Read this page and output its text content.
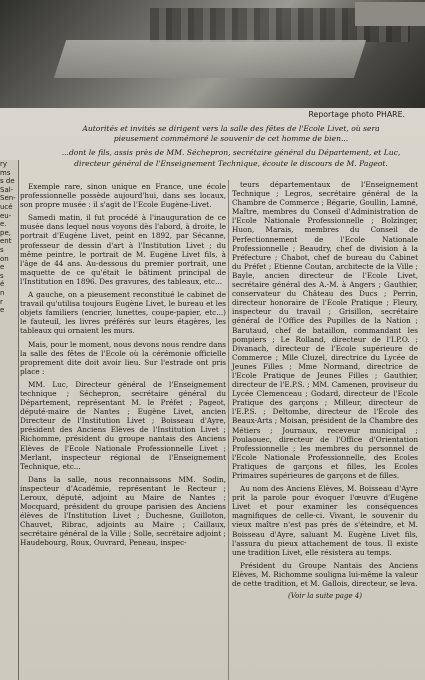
Reportage photo PHARE.

Autorités et invités se dirigent vers la salle des fêtes de l'Ecole Livet, où sera pieusement commémoré le souvenir de cet homme de bien...

...dont le fils, assis près de MM. Séchepron, secrétaire général du Département, et Luc, directeur général de l'Enseignement Technique, écoute le discours de M. Pageot.

ry
ms
s de
Sal-
Sen-
ucé
eu-
e.
pe,
ent
s
on
e
s
é
n
r
e

Exemple rare, sinon unique en France, une école professionnelle possède aujourd'hui, dans ses locaux, son propre musée : il s'agit de l'Ecole Eugène-Livet.

Samedi matin, il fut procédé à l'inauguration de ce musée dans lequel nous voyons dès l'abord, à droite, le portrait d'Eugène Livet, peint en 1892, par Sécanne, professeur de dessin d'art à l'Institution Livet ; du même peintre, le portrait de M. Eugène Livet fils, à l'âge de 44 ans. Au-dessous du premier portrait, une maquette de ce qu'était le bâtiment principal de l'Institution en 1896. Des gravures, des tableaux, etc...

A gauche, on a pieusement reconstitué le cabinet de travail qu'utilisa toujours Eugène Livet, le bureau et les objets familiers (encrier, lunettes, coupe-papier, etc...) le fauteuil, les livres préférés sur leurs étagères, les tableaux qui ornaient les murs.

Mais, pour le moment, nous devons nous rendre dans la salle des fêtes de l'Ecole où la cérémonie officielle proprement dite doit avoir lieu. Sur l'estrade ont pris place :

MM. Luc, Directeur général de l'Enseignement technique ; Séchepron, secrétaire général du Département, représentant M. le Préfet ; Pageot, député-maire de Nantes ; Eugène Livet, ancien Directeur de l'Institution Livet ; Boisseau d'Ayre, président des Anciens Elèves de l'Institution Livet ; Richomme, président du groupe nantais des Anciens Elèves de l'Ecole Nationale Professionnelle Livet ; Merlant, inspecteur régional de l'Enseignement Technique, etc...

Dans la salle, nous reconnaissons MM. Sodin, inspecteur d'Académie, représentant le Recteur ; Leroux, député, adjoint au Maire de Nantes ; Mocquard, président du groupe parisien des Anciens élèves de l'Institution Livet ; Duchesne, Guilloton, Chauvet, Ribrac, adjoints au Maire ; Caillaux, secrétaire général de la Ville ; Solle, secrétaire adjoint ; Haudebourg, Roux, Ouvrard, Peneau, inspec-

teurs départementaux de l'Enseignement Technique ; Legros, secrétaire général de la Chambre de Commerce ; Bégarie, Goullin, Lamné, Maître, membres du Conseil d'Administration de l'Ecole Nationale Professionnelle ; Bolzinger, Huon, Marais, membres du Conseil de Perfectionnement de l'Ecole Nationale Professionnelle ; Beaudry, chef de division à la Préfecture ; Chabot, chef de bureau du Cabinet du Préfet ; Etienne Coutan, architecte de la Ville ; Bayle, ancien directeur de l'Ecole Livet, secrétaire général des A.-M. à Angers ; Gauthier, conservateur du Château des Ducs ; Perrin, directeur honoraire de l'Ecole Pratique ; Fleury, inspecteur du travail ; Grisillon, secrétaire général de l'Office des Pupilles de la Nation ; Barutaud, chef de bataillon, commandant les pompiers ; Le Rolland, directeur de l'I.P.O. ; Divanach, directeur de l'Ecole supérieure de Commerce ; Mlle Cluzel, directrice du Lycée de Jeunes Filles ; Mme Normand, directrice de l'Ecole Pratique de Jeunes Filles ; Gauthier, directeur de l'E.P.S. ; MM. Camenen, proviseur du Lycée Clemenceau ; Godard, directeur de l'Ecole Pratique des garçons ; Milleur, directeur de l'E.P.S. ; Deltombe, directeur de l'Ecole des Beaux-Arts ; Moisan, président de la Chambre des Métiers ; Journaux, receveur municipal ; Poulaouec, directeur de l'Office d'Orientation Professionnelle ; les membres du personnel de l'Ecole Nationale Professionnelle, des Ecoles Pratiques de garçons et filles, les Ecoles Primaires supérieures de garçons et de filles.

Au nom des Anciens Elèves, M. Boisseau d'Ayre prit la parole pour évoquer l'œuvre d'Eugène Livet et pour examiner les conséquences magnifiques de celle-ci. Vivant, le souvenir du vieux maître n'est pas près de s'éteindre, et M. Boisseau d'Ayre, saluant M. Eugène Livet fils, l'assura du pieux attachement de tous. Il existe une tradition Livet, elle résistera au temps.

Président du Groupe Nantais des Anciens Elèves, M. Richomme souligna lui-même la valeur de cette tradition, et M. Gallois, directeur, se leva.

(Voir la suite page 4)
